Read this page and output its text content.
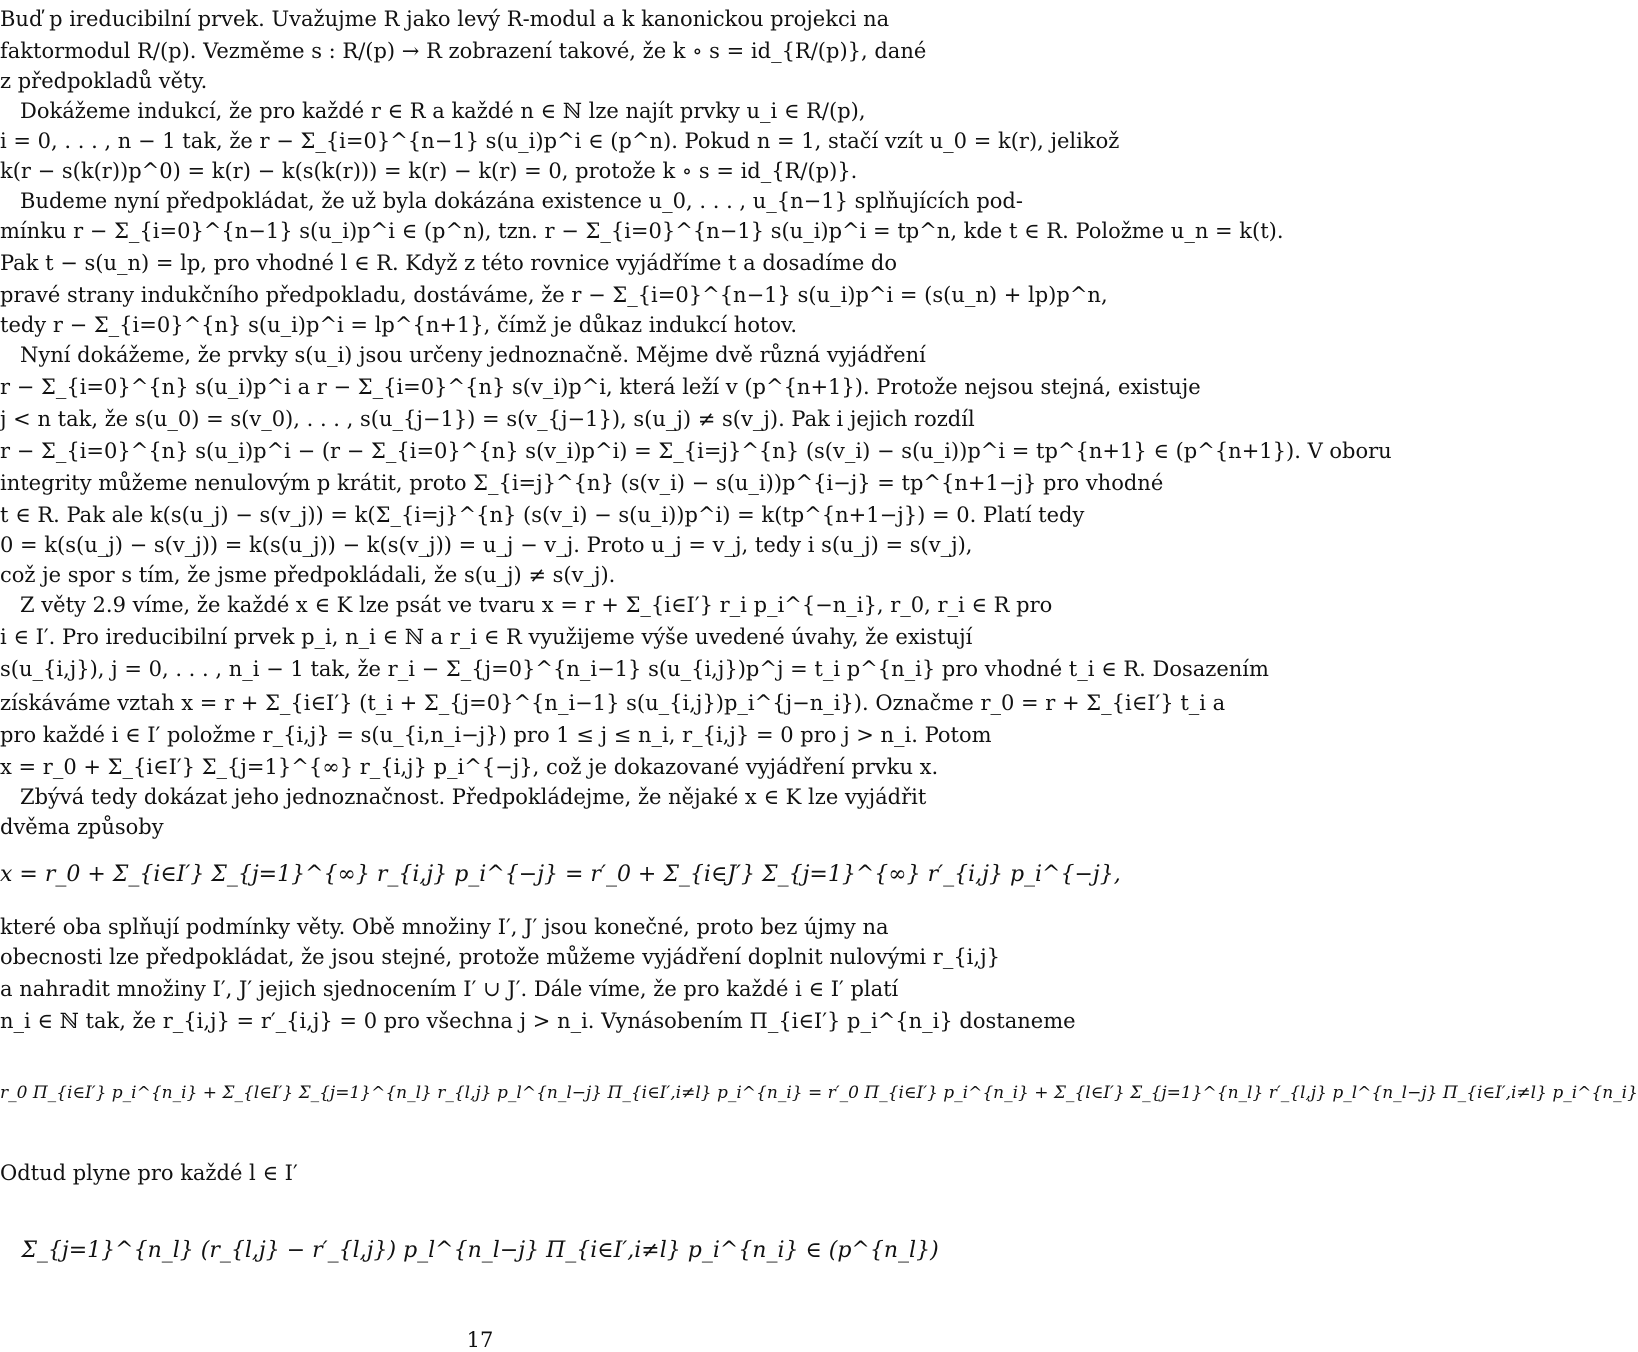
Buď p ireducibilní prvek. Uvažujme R jako levý R-modul a k kanonickou projekci na
faktormodul R/(p). Vezměme s : R/(p) → R zobrazení takové, že k ∘ s = id_{R/(p)}, dané
z předpokladů věty.
Dokážeme indukcí, že pro každé r ∈ R a každé n ∈ ℕ lze najít prvky u_i ∈ R/(p),
i = 0, . . . , n − 1 tak, že r − Σ_{i=0}^{n−1} s(u_i)p^i ∈ (p^n). Pokud n = 1, stačí vzít u_0 = k(r), jelikož
k(r − s(k(r))p^0) = k(r) − k(s(k(r))) = k(r) − k(r) = 0, protože k ∘ s = id_{R/(p)}.
Budeme nyní předpokládat, že už byla dokázána existence u_0, . . . , u_{n−1} splňujících pod-
mínku r − Σ_{i=0}^{n−1} s(u_i)p^i ∈ (p^n), tzn. r − Σ_{i=0}^{n−1} s(u_i)p^i = tp^n, kde t ∈ R. Položme u_n = k(t).
Pak t − s(u_n) = lp, pro vhodné l ∈ R. Když z této rovnice vyjádříme t a dosadíme do
pravé strany indukčního předpokladu, dostáváme, že r − Σ_{i=0}^{n−1} s(u_i)p^i = (s(u_n) + lp)p^n,
tedy r − Σ_{i=0}^{n} s(u_i)p^i = lp^{n+1}, čímž je důkaz indukcí hotov.
Nyní dokážeme, že prvky s(u_i) jsou určeny jednoznačně. Mějme dvě různá vyjádření
r − Σ_{i=0}^{n} s(u_i)p^i a r − Σ_{i=0}^{n} s(v_i)p^i, která leží v (p^{n+1}). Protože nejsou stejná, existuje
j < n tak, že s(u_0) = s(v_0), . . . , s(u_{j−1}) = s(v_{j−1}), s(u_j) ≠ s(v_j). Pak i jejich rozdíl
r − Σ_{i=0}^{n} s(u_i)p^i − (r − Σ_{i=0}^{n} s(v_i)p^i) = Σ_{i=j}^{n} (s(v_i) − s(u_i))p^i = tp^{n+1} ∈ (p^{n+1}). V oboru
integrity můžeme nenulovým p krátit, proto Σ_{i=j}^{n} (s(v_i) − s(u_i))p^{i−j} = tp^{n+1−j} pro vhodné
t ∈ R. Pak ale k(s(u_j) − s(v_j)) = k(Σ_{i=j}^{n} (s(v_i) − s(u_i))p^i) = k(tp^{n+1−j}) = 0. Platí tedy
0 = k(s(u_j) − s(v_j)) = k(s(u_j)) − k(s(v_j)) = u_j − v_j. Proto u_j = v_j, tedy i s(u_j) = s(v_j),
což je spor s tím, že jsme předpokládali, že s(u_j) ≠ s(v_j).
Z věty 2.9 víme, že každé x ∈ K lze psát ve tvaru x = r + Σ_{i∈I′} r_i p_i^{−n_i}, r_0, r_i ∈ R pro
i ∈ I′. Pro ireducibilní prvek p_i, n_i ∈ ℕ a r_i ∈ R využijeme výše uvedené úvahy, že existují
s(u_{i,j}), j = 0, . . . , n_i − 1 tak, že r_i − Σ_{j=0}^{n_i−1} s(u_{i,j})p^j = t_i p^{n_i} pro vhodné t_i ∈ R. Dosazením
získáváme vztah x = r + Σ_{i∈I′} (t_i + Σ_{j=0}^{n_i−1} s(u_{i,j})p_i^{j−n_i}). Označme r_0 = r + Σ_{i∈I′} t_i a
pro každé i ∈ I′ položme r_{i,j} = s(u_{i,n_i−j}) pro 1 ≤ j ≤ n_i, r_{i,j} = 0 pro j > n_i. Potom
x = r_0 + Σ_{i∈I′} Σ_{j=1}^{∞} r_{i,j} p_i^{−j}, což je dokazované vyjádření prvku x.
Zbývá tedy dokázat jeho jednoznačnost. Předpokládejme, že nějaké x ∈ K lze vyjádřit
dvěma způsoby
x = r_0 + Σ_{i∈I′} Σ_{j=1}^{∞} r_{i,j} p_i^{−j} = r′_0 + Σ_{i∈J′} Σ_{j=1}^{∞} r′_{i,j} p_i^{−j},
které oba splňují podmínky věty. Obě množiny I′, J′ jsou konečné, proto bez újmy na
obecnosti lze předpokládat, že jsou stejné, protože můžeme vyjádření doplnit nulovými r_{i,j}
a nahradit množiny I′, J′ jejich sjednocením I′ ∪ J′. Dále víme, že pro každé i ∈ I′ platí
n_i ∈ ℕ tak, že r_{i,j} = r′_{i,j} = 0 pro všechna j > n_i. Vynásobením Π_{i∈I′} p_i^{n_i} dostaneme
r_0 Π_{i∈I′} p_i^{n_i} + Σ_{l∈I′} Σ_{j=1}^{n_l} r_{l,j} p_l^{n_l−j} Π_{i∈I′,i≠l} p_i^{n_i} = r′_0 Π_{i∈I′} p_i^{n_i} + Σ_{l∈I′} Σ_{j=1}^{n_l} r′_{l,j} p_l^{n_l−j} Π_{i∈I′,i≠l} p_i^{n_i}
Odtud plyne pro každé l ∈ I′
Σ_{j=1}^{n_l} (r_{l,j} − r′_{l,j}) p_l^{n_l−j} Π_{i∈I′,i≠l} p_i^{n_i} ∈ (p^{n_l})
17
